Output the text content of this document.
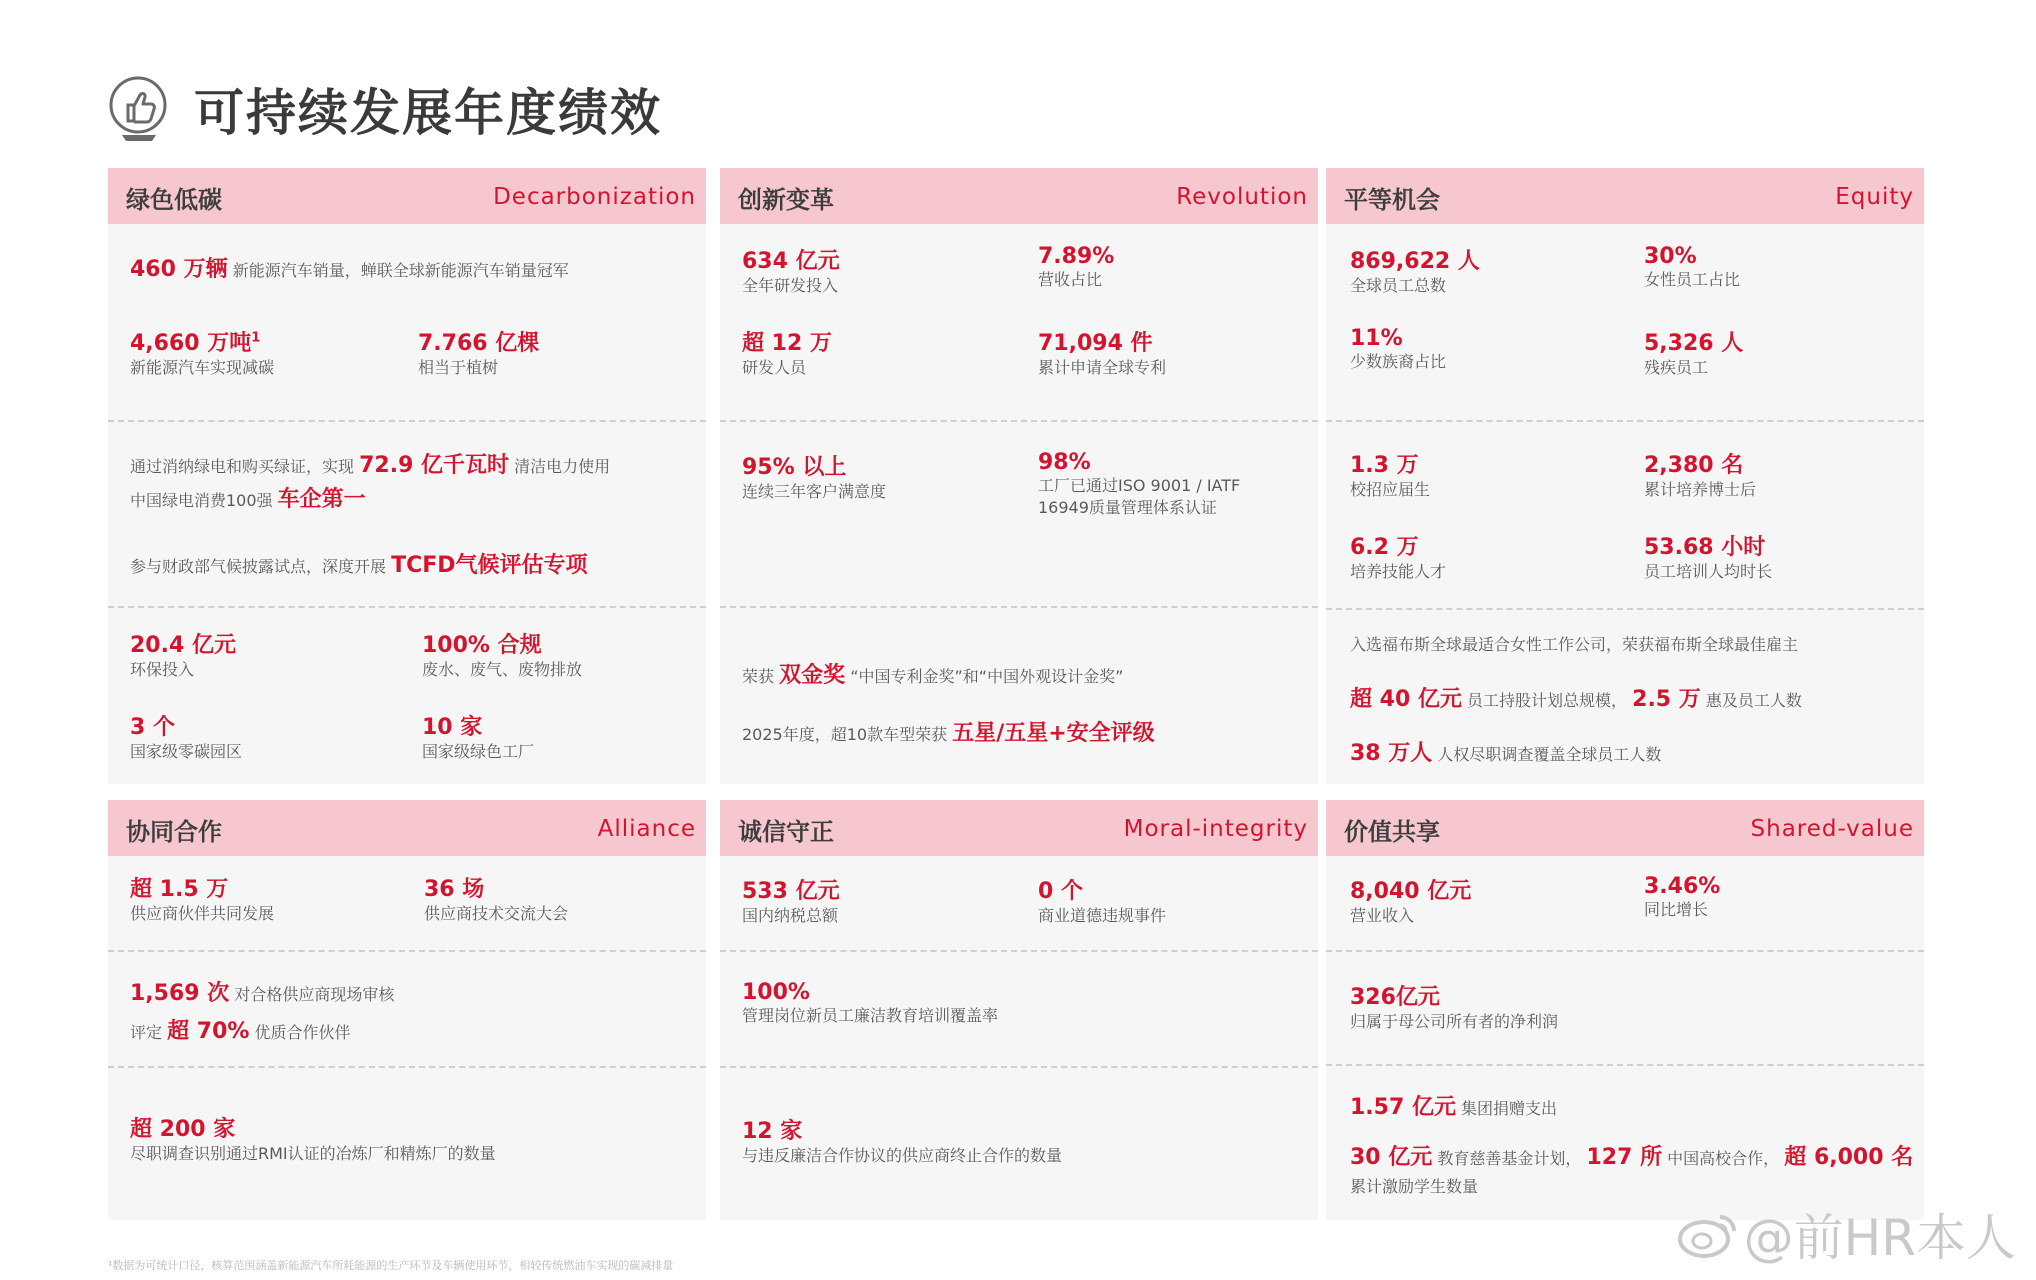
可持续发展年度绩效
绿色低碳	Decarbonization
460 万辆 新能源汽车销量，蝉联全球新能源汽车销量冠军
4,660 万吨$^1$
新能源汽车实现减碳
7.766 亿棵
相当于植树
通过消纳绿电和购买绿证，实现 72.9 亿千瓦时 清洁电力使用
中国绿电消费100强 车企第一
参与财政部气候披露试点，深度开展 TCFD气候评估专项
20.4 亿元
环保投入
100% 合规
废水、废气、废物排放
3 个
国家级零碳园区
10 家
国家级绿色工厂
创新变革	Revolution
634 亿元
全年研发投入
7.89%
营收占比
超 12 万
研发人员
71,094 件
累计申请全球专利
95% 以上
连续三年客户满意度
98%
工厂已通过ISO 9001 / IATF
16949质量管理体系认证
荣获 双金奖 “中国专利金奖”和“中国外观设计金奖”
2025年度，超10款车型荣获 五星/五星+安全评级
平等机会	Equity
869,622 人
全球员工总数
30%
女性员工占比
11%
少数族裔占比
5,326 人
残疾员工
1.3 万
校招应届生
2,380 名
累计培养博士后
6.2 万
培养技能人才
53.68 小时
员工培训人均时长
入选福布斯全球最适合女性工作公司，荣获福布斯全球最佳雇主
超 40 亿元 员工持股计划总规模， 2.5 万 惠及员工人数
38 万人 人权尽职调查覆盖全球员工人数
协同合作	Alliance
超 1.5 万
供应商伙伴共同发展
36 场
供应商技术交流大会
1,569 次 对合格供应商现场审核
评定 超 70% 优质合作伙伴
超 200 家
尽职调查识别通过RMI认证的冶炼厂和精炼厂的数量
诚信守正	Moral-integrity
533 亿元
国内纳税总额
0 个
商业道德违规事件
100%
管理岗位新员工廉洁教育培训覆盖率
12 家
与违反廉洁合作协议的供应商终止合作的数量
价值共享	Shared-value
8,040 亿元
营业收入
3.46%
同比增长
326亿元
归属于母公司所有者的净利润
1.57 亿元 集团捐赠支出
30 亿元 教育慈善基金计划， 127 所 中国高校合作， 超 6,000 名
累计激励学生数量
¹数据为可统计口径，核算范围涵盖新能源汽车所耗能源的生产环节及车辆使用环节，相较传统燃油车实现的碳减排量	@前HR本人
